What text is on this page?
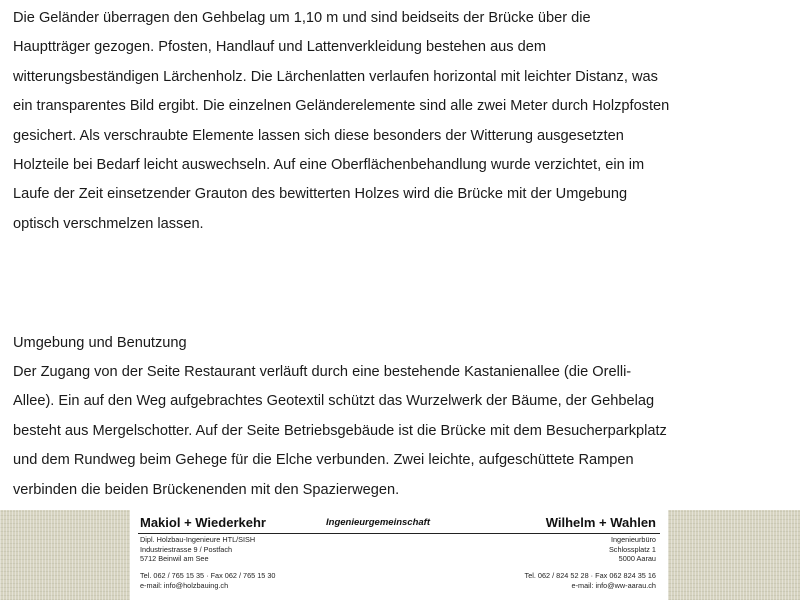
Die Geländer überragen den Gehbelag um 1,10 m und sind beidseits der Brücke über die
Hauptträger gezogen. Pfosten, Handlauf und Lattenverkleidung bestehen aus dem
witterungsbeständigen Lärchenholz. Die Lärchenlatten verlaufen horizontal mit leichter Distanz, was
ein transparentes Bild ergibt. Die einzelnen Geländerelemente sind alle zwei Meter durch Holzpfosten
gesichert. Als verschraubte Elemente lassen sich diese besonders der Witterung ausgesetzten
Holzteile bei Bedarf leicht auswechseln. Auf eine Oberflächenbehandlung wurde verzichtet, ein im
Laufe der Zeit einsetzender Grauton des bewitterten Holzes wird die Brücke mit der Umgebung
optisch verschmelzen lassen.
Umgebung und Benutzung
Der Zugang von der Seite Restaurant verläuft durch eine bestehende Kastanienallee (die Orelli-
Allee). Ein auf den Weg aufgebrachtes Geotextil schützt das Wurzelwerk der Bäume, der Gehbelag
besteht aus Mergelschotter. Auf der Seite Betriebsgebäude ist die Brücke mit dem Besucherparkplatz
und dem Rundweg beim Gehege für die Elche verbunden. Zwei leichte, aufgeschüttete Rampen
verbinden die beiden Brückenenden mit den Spazierwegen.
Makiol + Wiederkehr	Ingenieurgemeinschaft	Wilhelm + Wahlen
Dipl. Holzbau-Ingenieure HTL/SISH
Industriestrasse 9 / Postfach
5712 Beinwil am See
Tel. 062 / 765 15 35 · Fax 062 / 765 15 30
e-mail: info@holzbauing.ch
Ingenieurbüro
Schlossplatz 1
5000 Aarau
Tel. 062 / 824 52 28 · Fax 062 824 35 16
e-mail: info@ww-aarau.ch
